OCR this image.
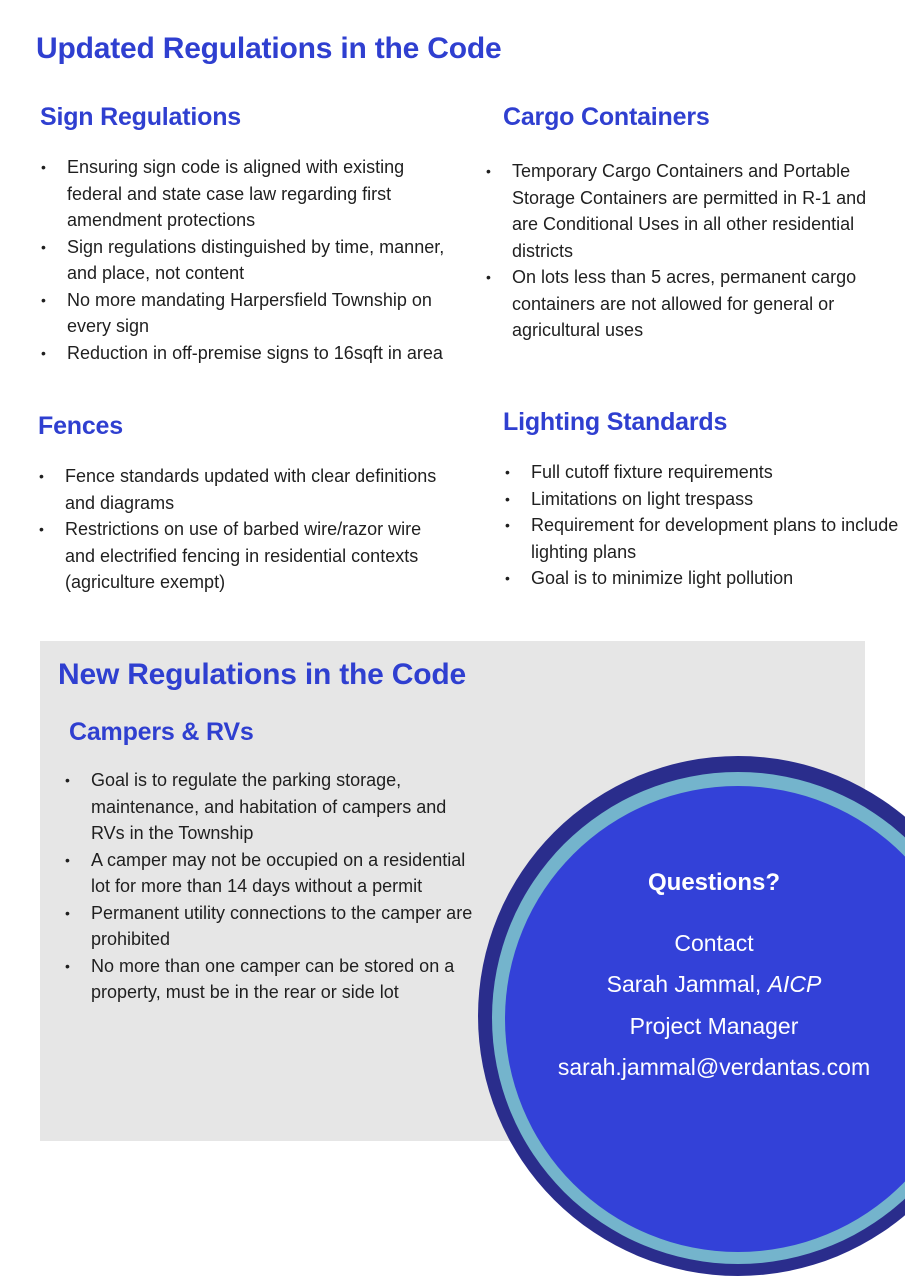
Updated Regulations in the Code
Sign Regulations
• Ensuring sign code is aligned with existing federal and state case law regarding first amendment protections
• Sign regulations distinguished by time, manner, and place, not content
• No more mandating Harpersfield Township on every sign
• Reduction in off-premise signs to 16sqft in area
Cargo Containers
• Temporary Cargo Containers and Portable Storage Containers are permitted in R-1 and are Conditional Uses in all other residential districts
• On lots less than 5 acres, permanent cargo containers are not allowed for general or agricultural uses
Fences
• Fence standards updated with clear definitions and diagrams
• Restrictions on use of barbed wire/razor wire and electrified fencing in residential contexts (agriculture exempt)
Lighting Standards
• Full cutoff fixture requirements
• Limitations on light trespass
• Requirement for development plans to include lighting plans
• Goal is to minimize light pollution
New Regulations in the Code
Campers & RVs
• Goal is to regulate the parking storage, maintenance, and habitation of campers and RVs in the Township
• A camper may not be occupied on a residential lot for more than 14 days without a permit
• Permanent utility connections to the camper are prohibited
• No more than one camper can be stored on a property, must be in the rear or side lot
Questions?
Contact
Sarah Jammal, AICP
Project Manager
sarah.jammal@verdantas.com
